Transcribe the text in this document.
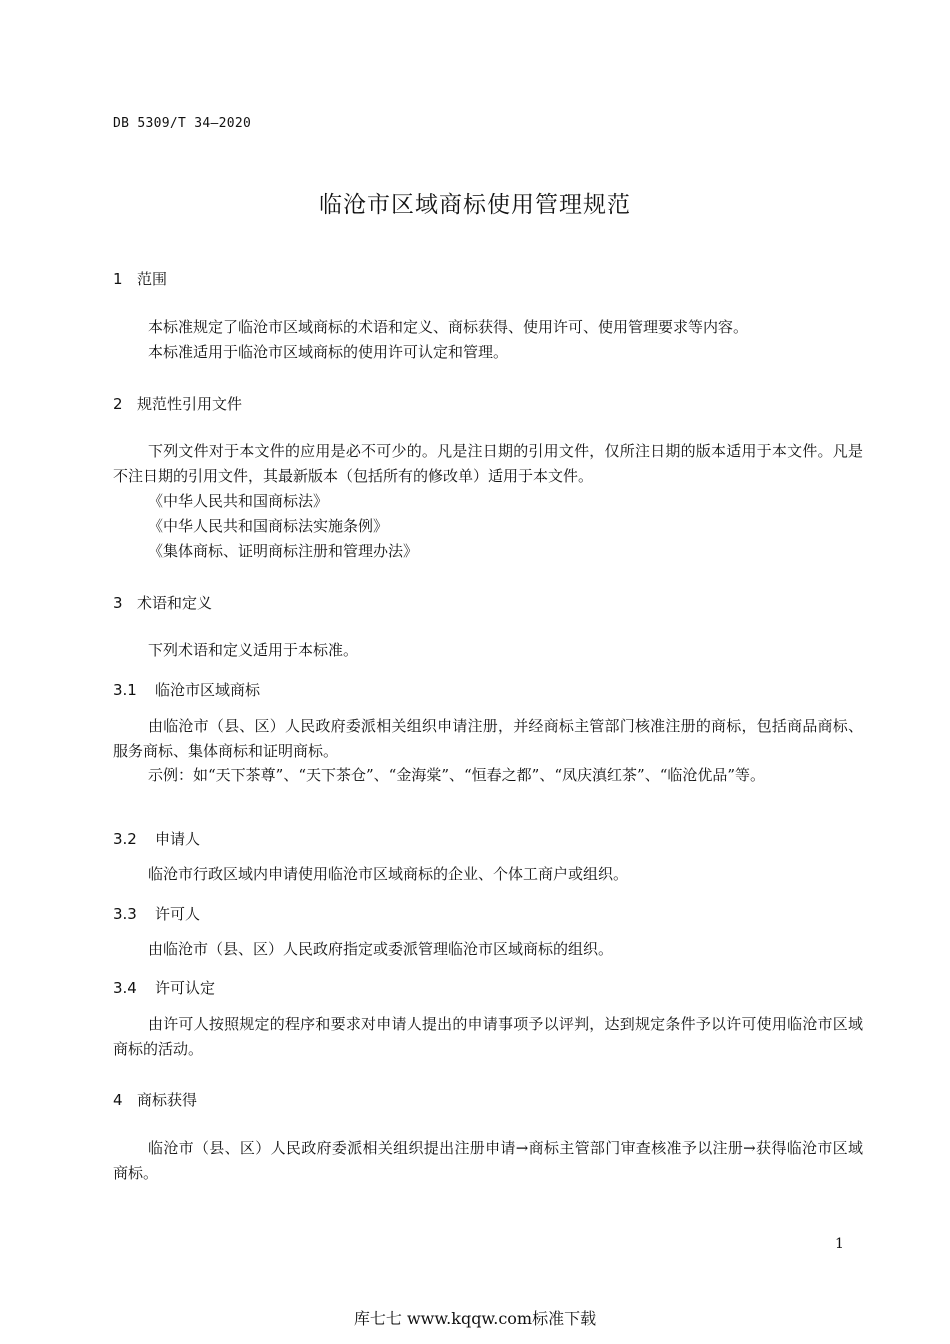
DB 5309/T 34—2020
临沧市区域商标使用管理规范
1 范围
本标准规定了临沧市区域商标的术语和定义、商标获得、使用许可、使用管理要求等内容。
本标准适用于临沧市区域商标的使用许可认定和管理。
2 规范性引用文件
下列文件对于本文件的应用是必不可少的。凡是注日期的引用文件，仅所注日期的版本适用于本文件。凡是不注日期的引用文件，其最新版本（包括所有的修改单）适用于本文件。
《中华人民共和国商标法》
《中华人民共和国商标法实施条例》
《集体商标、证明商标注册和管理办法》
3 术语和定义
下列术语和定义适用于本标准。
3.1 临沧市区域商标
由临沧市（县、区）人民政府委派相关组织申请注册，并经商标主管部门核准注册的商标，包括商品商标、服务商标、集体商标和证明商标。
示例：如“天下茶尊”、“天下茶仓”、“金海棠”、“恒春之都”、“凤庆滇红茶”、“临沧优品”等。
3.2 申请人
临沧市行政区域内申请使用临沧市区域商标的企业、个体工商户或组织。
3.3 许可人
由临沧市（县、区）人民政府指定或委派管理临沧市区域商标的组织。
3.4 许可认定
由许可人按照规定的程序和要求对申请人提出的申请事项予以评判，达到规定条件予以许可使用临沧市区域商标的活动。
4 商标获得
临沧市（县、区）人民政府委派相关组织提出注册申请→商标主管部门审查核准予以注册→获得临沧市区域商标。
1
库七七 www.kqqw.com标准下载
